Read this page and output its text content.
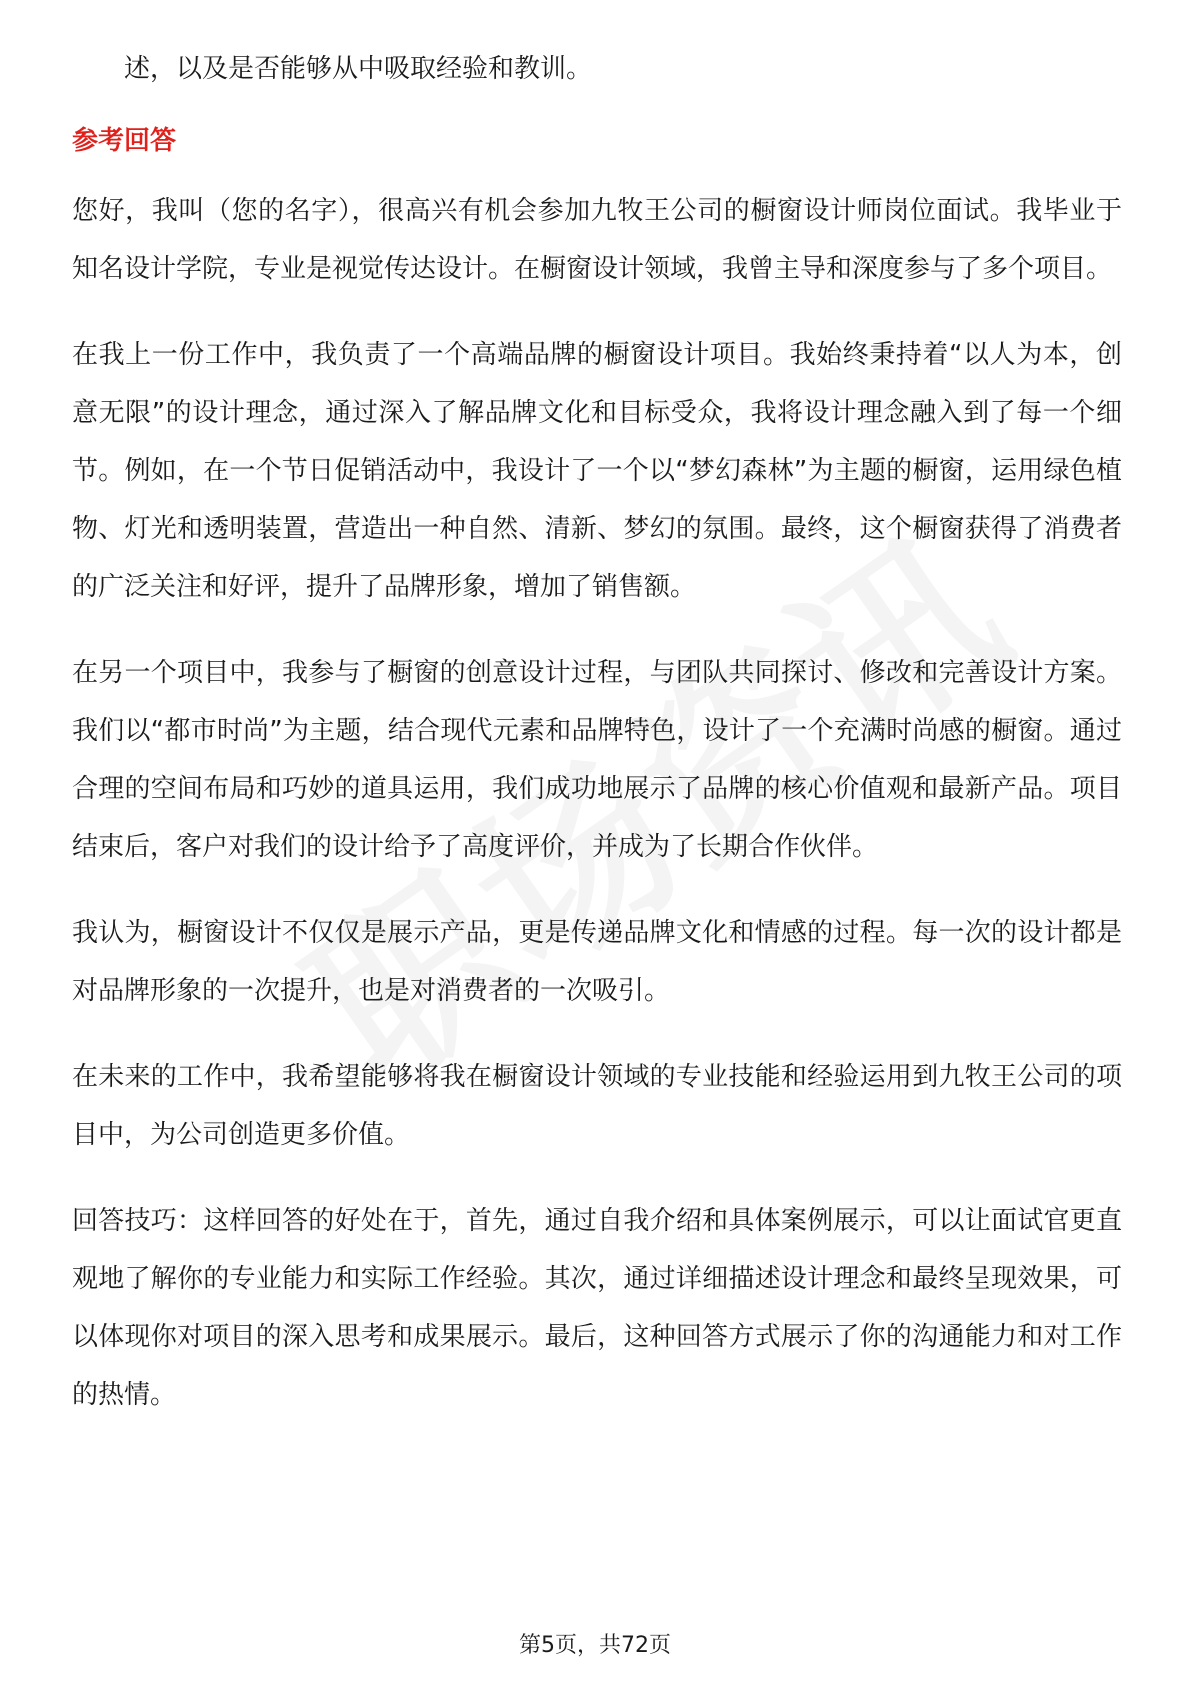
述，以及是否能够从中吸取经验和教训。

参考回答

您好，我叫（您的名字），很高兴有机会参加九牧王公司的橱窗设计师岗位面试。我毕业于知名设计学院，专业是视觉传达设计。在橱窗设计领域，我曾主导和深度参与了多个项目。

在我上一份工作中，我负责了一个高端品牌的橱窗设计项目。我始终秉持着“以人为本，创意无限”的设计理念，通过深入了解品牌文化和目标受众，我将设计理念融入到了每一个细节。例如，在一个节日促销活动中，我设计了一个以“梦幻森林”为主题的橱窗，运用绿色植物、灯光和透明装置，营造出一种自然、清新、梦幻的氛围。最终，这个橱窗获得了消费者的广泛关注和好评，提升了品牌形象，增加了销售额。

在另一个项目中，我参与了橱窗的创意设计过程，与团队共同探讨、修改和完善设计方案。我们以“都市时尚”为主题，结合现代元素和品牌特色，设计了一个充满时尚感的橱窗。通过合理的空间布局和巧妙的道具运用，我们成功地展示了品牌的核心价值观和最新产品。项目结束后，客户对我们的设计给予了高度评价，并成为了长期合作伙伴。

我认为，橱窗设计不仅仅是展示产品，更是传递品牌文化和情感的过程。每一次的设计都是对品牌形象的一次提升，也是对消费者的一次吸引。

在未来的工作中，我希望能够将我在橱窗设计领域的专业技能和经验运用到九牧王公司的项目中，为公司创造更多价值。

回答技巧：这样回答的好处在于，首先，通过自我介绍和具体案例展示，可以让面试官更直观地了解你的专业能力和实际工作经验。其次，通过详细描述设计理念和最终呈现效果，可以体现你对项目的深入思考和成果展示。最后，这种回答方式展示了你的沟通能力和对工作的热情。

第5页，共72页
